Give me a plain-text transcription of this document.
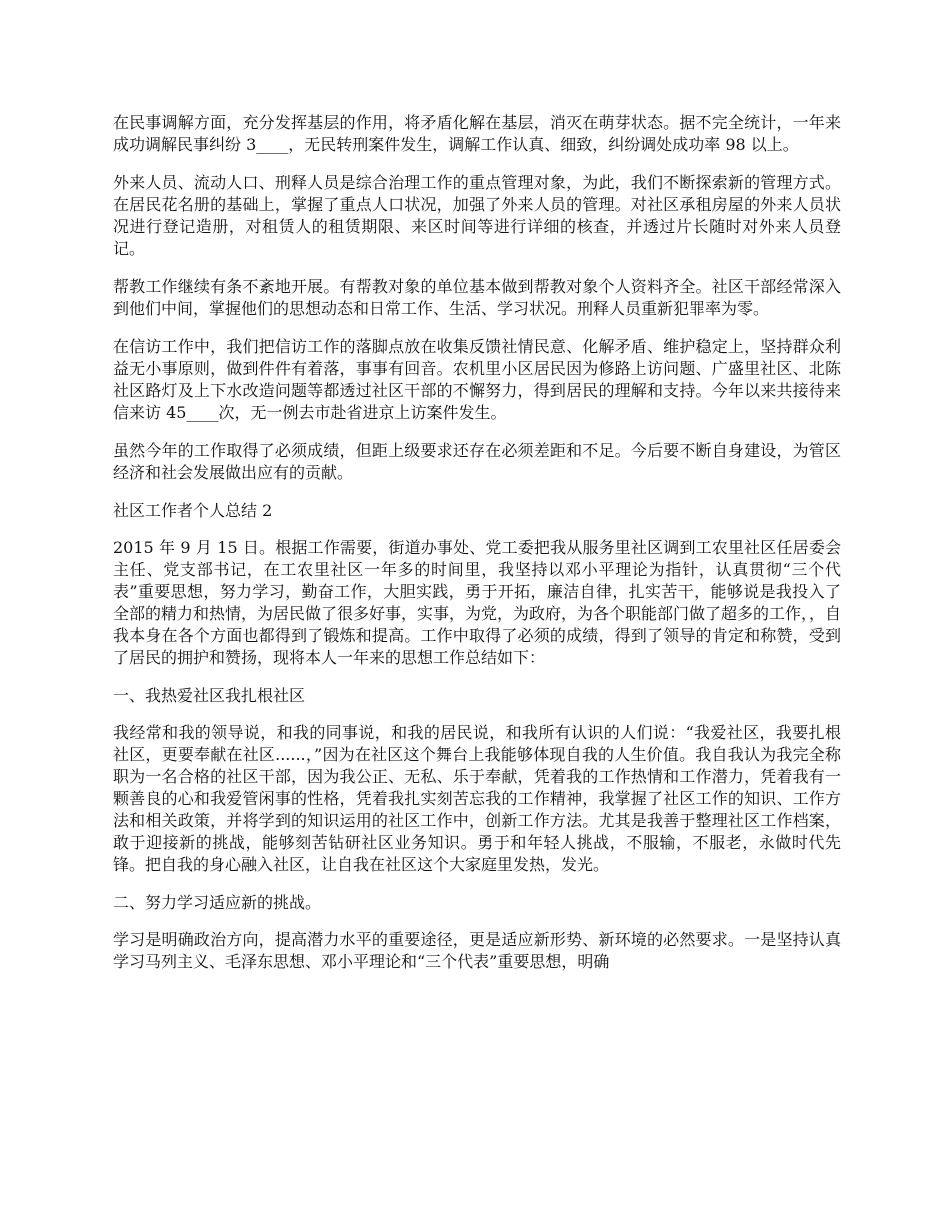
在民事调解方面，充分发挥基层的作用，将矛盾化解在基层，消灭在萌芽状态。据不完全统计，一年来成功调解民事纠纷 3____，无民转刑案件发生，调解工作认真、细致，纠纷调处成功率 98 以上。

外来人员、流动人口、刑释人员是综合治理工作的重点管理对象，为此，我们不断探索新的管理方式。在居民花名册的基础上，掌握了重点人口状况，加强了外来人员的管理。对社区承租房屋的外来人员状况进行登记造册，对租赁人的租赁期限、来区时间等进行详细的核查，并透过片长随时对外来人员登记。

帮教工作继续有条不紊地开展。有帮教对象的单位基本做到帮教对象个人资料齐全。社区干部经常深入到他们中间，掌握他们的思想动态和日常工作、生活、学习状况。刑释人员重新犯罪率为零。

在信访工作中，我们把信访工作的落脚点放在收集反馈社情民意、化解矛盾、维护稳定上，坚持群众利益无小事原则，做到件件有着落，事事有回音。农机里小区居民因为修路上访问题、广盛里社区、北陈社区路灯及上下水改造问题等都透过社区干部的不懈努力，得到居民的理解和支持。今年以来共接待来信来访 45____次，无一例去市赴省进京上访案件发生。

虽然今年的工作取得了必须成绩，但距上级要求还存在必须差距和不足。今后要不断自身建设，为管区经济和社会发展做出应有的贡献。

社区工作者个人总结 2

2015 年 9 月 15 日。根据工作需要，街道办事处、党工委把我从服务里社区调到工农里社区任居委会主任、党支部书记，在工农里社区一年多的时间里，我坚持以邓小平理论为指针，认真贯彻“三个代表”重要思想，努力学习，勤奋工作，大胆实践，勇于开拓，廉洁自律，扎实苦干，能够说是我投入了全部的精力和热情，为居民做了很多好事，实事，为党，为政府，为各个职能部门做了超多的工作，，自我本身在各个方面也都得到了锻炼和提高。工作中取得了必须的成绩，得到了领导的肯定和称赞，受到了居民的拥护和赞扬，现将本人一年来的思想工作总结如下：

一、我热爱社区我扎根社区

我经常和我的领导说，和我的同事说，和我的居民说，和我所有认识的人们说：“我爱社区，我要扎根社区，更要奉献在社区......，”因为在社区这个舞台上我能够体现自我的人生价值。我自我认为我完全称职为一名合格的社区干部，因为我公正、无私、乐于奉献，凭着我的工作热情和工作潜力，凭着我有一颗善良的心和我爱管闲事的性格，凭着我扎实刻苦忘我的工作精神，我掌握了社区工作的知识、工作方法和相关政策，并将学到的知识运用的社区工作中，创新工作方法。尤其是我善于整理社区工作档案，敢于迎接新的挑战，能够刻苦钻研社区业务知识。勇于和年轻人挑战，不服输，不服老，永做时代先锋。把自我的身心融入社区，让自我在社区这个大家庭里发热，发光。

二、努力学习适应新的挑战。

学习是明确政治方向，提高潜力水平的重要途径，更是适应新形势、新环境的必然要求。一是坚持认真学习马列主义、毛泽东思想、邓小平理论和“三个代表”重要思想，明确
